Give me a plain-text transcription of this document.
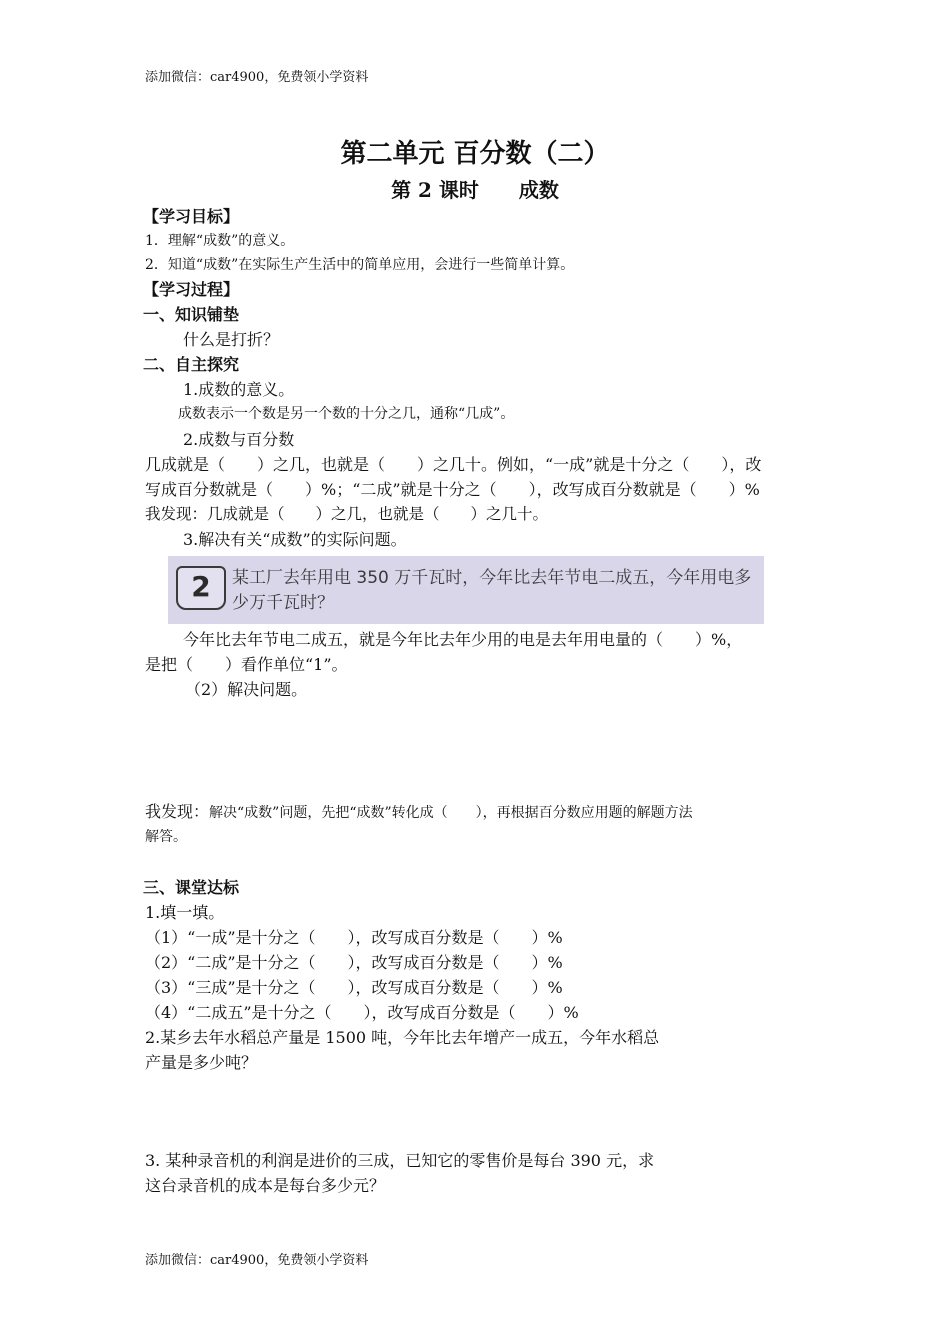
添加微信：car4900，免费领小学资料
第二单元 百分数（二）
第 2 课时　　成数
【学习目标】
1．理解“成数”的意义。
2．知道“成数”在实际生产生活中的简单应用，会进行一些简单计算。
【学习过程】
一、知识铺垫
什么是打折？
二、自主探究
1.成数的意义。
成数表示一个数是另一个数的十分之几，通称“几成”。
2.成数与百分数
几成就是（　　）之几，也就是（　　）之几十。例如，“一成”就是十分之（　　），改
写成百分数就是（　　）%；“二成”就是十分之（　　），改写成百分数就是（　　）%
我发现：几成就是（　　）之几，也就是（　　）之几十。
3.解决有关“成数”的实际问题。
2	某工厂去年用电 350 万千瓦时，今年比去年节电二成五，今年用电多少万千瓦时？
今年比去年节电二成五，就是今年比去年少用的电是去年用电量的（　　）%，
是把（　　）看作单位“1”。
（2）解决问题。
我发现：解决“成数”问题，先把“成数”转化成（　　），再根据百分数应用题的解题方法
解答。
三、课堂达标
1.填一填。
（1）“一成”是十分之（　　），改写成百分数是（　　）%
（2）“二成”是十分之（　　），改写成百分数是（　　）%
（3）“三成”是十分之（　　），改写成百分数是（　　）%
（4）“二成五”是十分之（　　），改写成百分数是（　　）%
2.某乡去年水稻总产量是 1500 吨，今年比去年增产一成五，今年水稻总
产量是多少吨？
3. 某种录音机的利润是进价的三成，已知它的零售价是每台 390 元，求
这台录音机的成本是每台多少元？
添加微信：car4900，免费领小学资料
